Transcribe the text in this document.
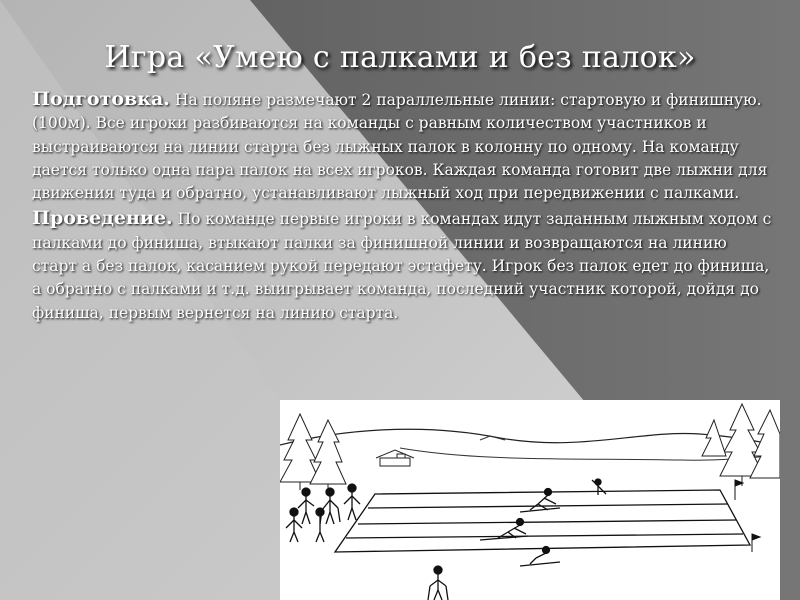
Игра «Умею с палками и без палок»

Подготовка. На поляне размечают 2 параллельные линии: стартовую и финишную.(100м). Все игроки разбиваются на команды с равным количеством участников и выстраиваются на линии старта без лыжных палок в колонну по одному. На команду дается только одна пара палок на всех игроков. Каждая команда готовит две лыжни для движения туда и обратно, устанавливают лыжный ход при передвижении с палками.

Проведение. По команде первые игроки в командах идут заданным лыжным ходом с палками до финиша, втыкают палки за финишной линии и возвращаются на линию старт а без палок, касанием рукой передают эстафету. Игрок без палок едет до финиша, а обратно с палками и т.д. выигрывает команда, последний участник которой, дойдя до финиша, первым вернется на линию старта.
